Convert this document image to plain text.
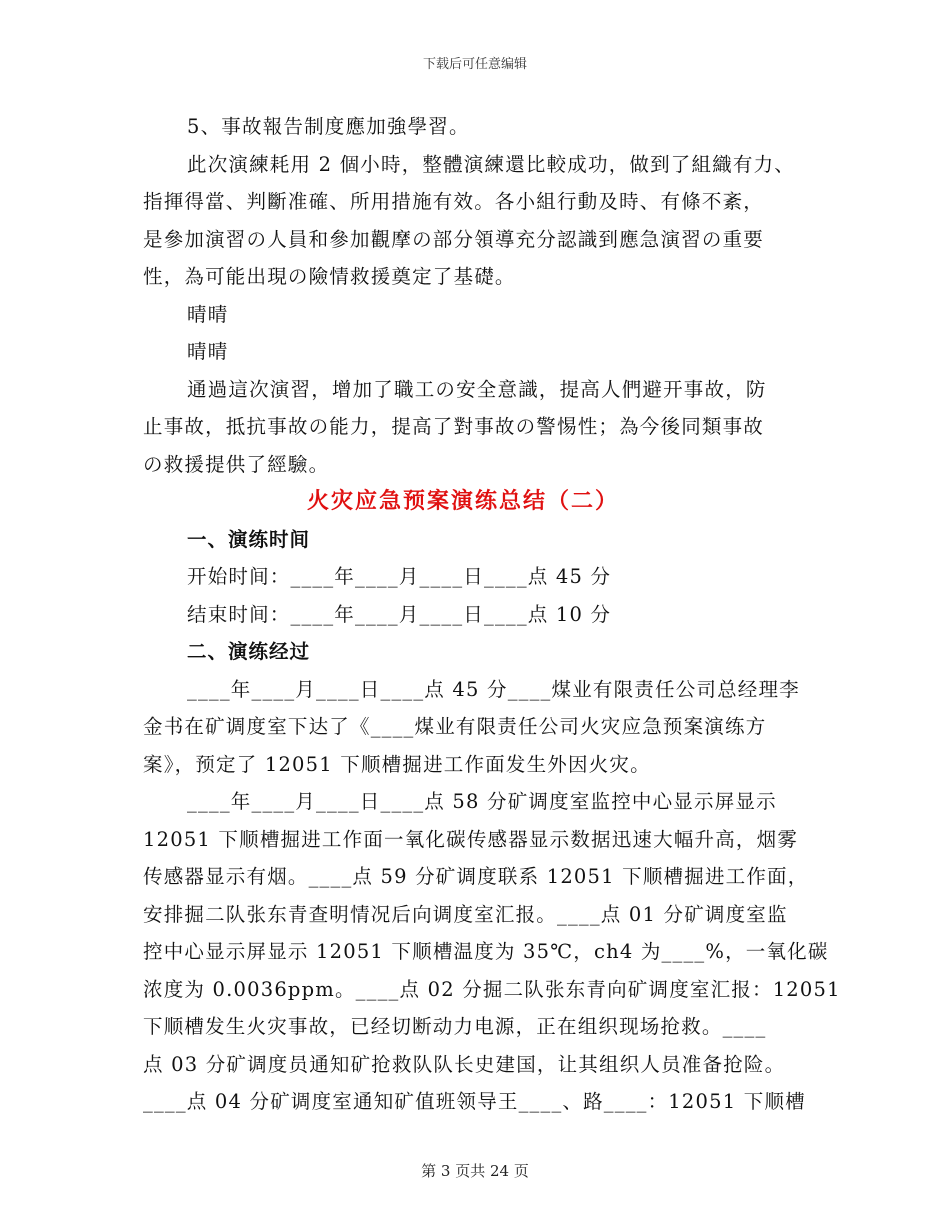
下载后可任意编辑
5、事故報告制度應加強學習。
此次演練耗用 2 個小時，整體演練還比較成功，做到了組織有力、
指揮得當、判斷准確、所用措施有效。各小組行動及時、有條不紊，
是參加演習の人員和參加觀摩の部分領導充分認識到應急演習の重要
性，為可能出現の險情救援奠定了基礎。
晴晴
晴晴
通過這次演習，增加了職工の安全意識，提高人們避开事故，防
止事故，抵抗事故の能力，提高了對事故の警惕性；為今後同類事故
の救援提供了經驗。
火灾应急预案演练总结（二）
一、演练时间
开始时间：____年____月____日____点 45 分
结束时间：____年____月____日____点 10 分
二、演练经过
____年____月____日____点 45 分____煤业有限责任公司总经理李
金书在矿调度室下达了《____煤业有限责任公司火灾应急预案演练方
案》，预定了 12051 下顺槽掘进工作面发生外因火灾。
____年____月____日____点 58 分矿调度室监控中心显示屏显示
12051 下顺槽掘进工作面一氧化碳传感器显示数据迅速大幅升高，烟雾
传感器显示有烟。____点 59 分矿调度联系 12051 下顺槽掘进工作面，
安排掘二队张东青查明情况后向调度室汇报。____点 01 分矿调度室监
控中心显示屏显示 12051 下顺槽温度为 35℃，ch4 为____%，一氧化碳
浓度为 0.0036ppm。____点 02 分掘二队张东青向矿调度室汇报：12051
下顺槽发生火灾事故，已经切断动力电源，正在组织现场抢救。____
点 03 分矿调度员通知矿抢救队队长史建国，让其组织人员准备抢险。
____点 04 分矿调度室通知矿值班领导王____、路____：12051 下顺槽
第 3 页共 24 页
